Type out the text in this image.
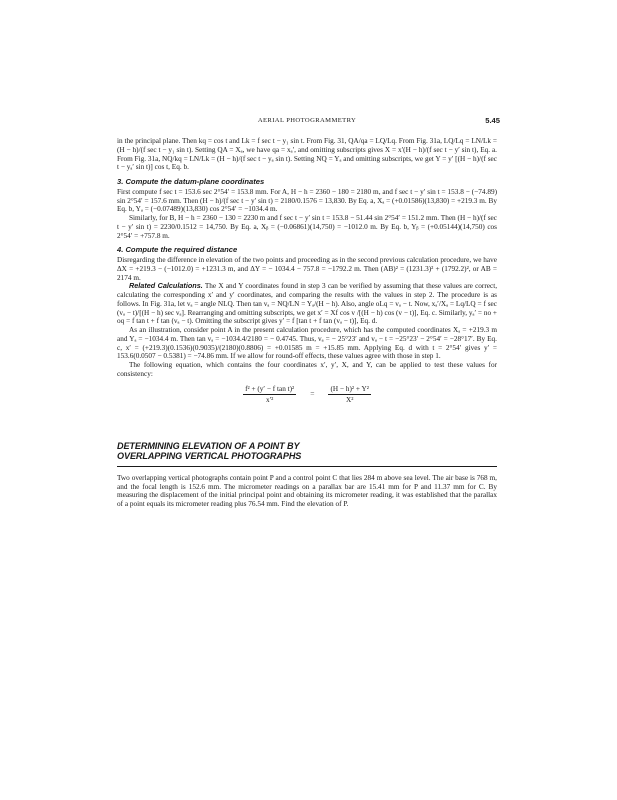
AERIAL PHOTOGRAMMETRY	5.45

in the principal plane. Then kq = cos t and Lk = f sec t − y₁ sin t. From Fig. 31, QA/qa = LQ/Lq. From Fig. 31a, LQ/Lq = LN/Lk = (H − h)/(f sec t − y₁ sin t). Setting QA = Xₐ, we have qa = xₐ′, and omitting subscripts gives X = x′(H − h)/(f sec t − y′ sin t), Eq. a. From Fig. 31a, NQ/kq = LN/Lk = (H − h)/(f sec t − yₐ sin t). Setting NQ = Yₐ and omitting subscripts, we get Y = y′ [(H − h)/(f sec t − yₐ′ sin t)] cos t, Eq. b.

3. Compute the datum-plane coordinates

First compute f sec t = 153.6 sec 2°54′ = 153.8 mm. For A, H − h = 2360 − 180 = 2180 m, and f sec t − y′ sin t = 153.8 − (−74.89) sin 2°54′ = 157.6 mm. Then (H − h)/(f sec t − y′ sin t) = 2180/0.1576 = 13,830. By Eq. a, Xₐ = (+0.01586)(13,830) = +219.3 m. By Eq. b, Yₐ = (−0.07489)(13,830) cos 2°54′ = −1034.4 m.

Similarly, for B, H − h = 2360 − 130 = 2230 m and f sec t − y′ sin t = 153.8 − 51.44 sin 2°54′ = 151.2 mm. Then (H − h)/(f sec t − y′ sin t) = 2230/0.1512 = 14,750. By Eq. a, Xᵦ = (−0.06861)(14,750) = −1012.0 m. By Eq. b, Yᵦ = (+0.05144)(14,750) cos 2°54′ = +757.8 m.

4. Compute the required distance

Disregarding the difference in elevation of the two points and proceeding as in the second previous calculation procedure, we have ΔX = +219.3 − (−1012.0) = +1231.3 m, and ΔY = − 1034.4 − 757.8 = −1792.2 m. Then (AB)² = (1231.3)² + (1792.2)², or AB = 2174 m.

Related Calculations. The X and Y coordinates found in step 3 can be verified by assuming that these values are correct, calculating the corresponding x′ and y′ coordinates, and comparing the results with the values in step 2. The procedure is as follows. In Fig. 31a, let vₐ = angle NLQ. Then tan vₐ = NQ/LN = Yₐ/(H − h). Also, angle oLq = vₐ − t. Now, xₐ′/Xₐ = Lq/LQ = f sec (vₐ − t)/[(H − h) sec vₐ]. Rearranging and omitting subscripts, we get x′ = Xf cos v /[(H − h) cos (v − t)], Eq. c. Similarly, yₐ′ = no + oq = f tan t + f tan (vₐ − t). Omitting the subscript gives y′ = f [tan t + f tan (vₐ − t)], Eq. d.

As an illustration, consider point A in the present calculation procedure, which has the computed coordinates Xₐ = +219.3 m and Yₐ = −1034.4 m. Then tan vₐ = −1034.4/2180 = − 0.4745. Thus, vₐ = − 25°23′ and vₐ − t = −25°23′ − 2°54′ = −28°17′. By Eq. c, x′ = (+219.3)(0.1536)(0.9035)/(2180)(0.8806) = +0.01585 m = +15.85 mm. Applying Eq. d with t = 2°54′ gives y′ = 153.6(0.0507 − 0.5381) = −74.86 mm. If we allow for round-off effects, these values agree with those in step 1.

The following equation, which contains the four coordinates x′, y′, X, and Y, can be applied to test these values for consistency:

$\frac{\text{f² + (y′ − f tan t)²}}{\text{x′²}} = \frac{\text{(H − h)² + Y²}}{\text{X²}}$
DETERMINING ELEVATION OF A POINT BY
OVERLAPPING VERTICAL PHOTOGRAPHS

Two overlapping vertical photographs contain point P and a control point C that lies 284 m above sea level. The air base is 768 m, and the focal length is 152.6 mm. The micrometer readings on a parallax bar are 15.41 mm for P and 11.37 mm for C. By measuring the displacement of the initial principal point and obtaining its micrometer reading, it was established that the parallax of a point equals its micrometer reading plus 76.54 mm. Find the elevation of P.
